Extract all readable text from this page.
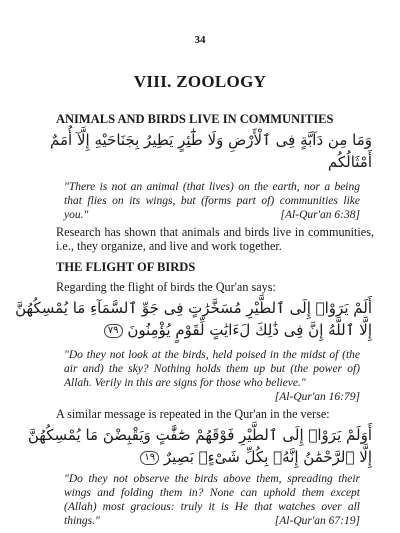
34
VIII. ZOOLOGY
ANIMALS AND BIRDS LIVE IN COMMUNITIES
وَمَا مِن دَآبَّةٍ فِى ٱلْأَرْضِ وَلَا طَٰٓئِرٍ يَطِيرُ بِجَنَاحَيْهِ إِلَّآ أُمَمٌ
أَمْثَالُكُم
"There is not an animal (that lives) on the earth, nor a being that flies on its wings, but (forms part of) communities like you."	[Al-Qur'an 6:38]
Research has shown that animals and birds live in communities, i.e., they organize, and live and work together.
THE FLIGHT OF BIRDS
Regarding the flight of birds the Qur'an says:
أَلَمْ يَرَوْا۟ إِلَى ٱلطَّيْرِ مُسَخَّرَٰتٍ فِى جَوِّ ٱلسَّمَآءِ مَا يُمْسِكُهُنَّ
إِلَّا ٱللَّهُ إِنَّ فِى ذَٰلِكَ لَءَايَٰتٍ لِّقَوْمٍ يُؤْمِنُونَ ٧٩
"Do they not look at the birds, held poised in the midst of (the air and) the sky? Nothing holds them up but (the power of) Allah. Verily in this are signs for those who believe."
[Al-Qur'an 16:79]
A similar message is repeated in the Qur'an in the verse:
أَوَلَمْ يَرَوْا۟ إِلَى ٱلطَّيْرِ فَوْقَهُمْ صَٰٓفَّٰتٍ وَيَقْبِضْنَ مَا يُمْسِكُهُنَّ
إِلَّا ٱلرَّحْمَٰنُ إِنَّهُۥ بِكُلِّ شَىْءٍۭ بَصِيرٌ ١٩
"Do they not observe the birds above them, spreading their wings and folding them in? None can uphold them except (Allah) most gracious: truly it is He that watches over all things."	[Al-Qur'an 67:19]
